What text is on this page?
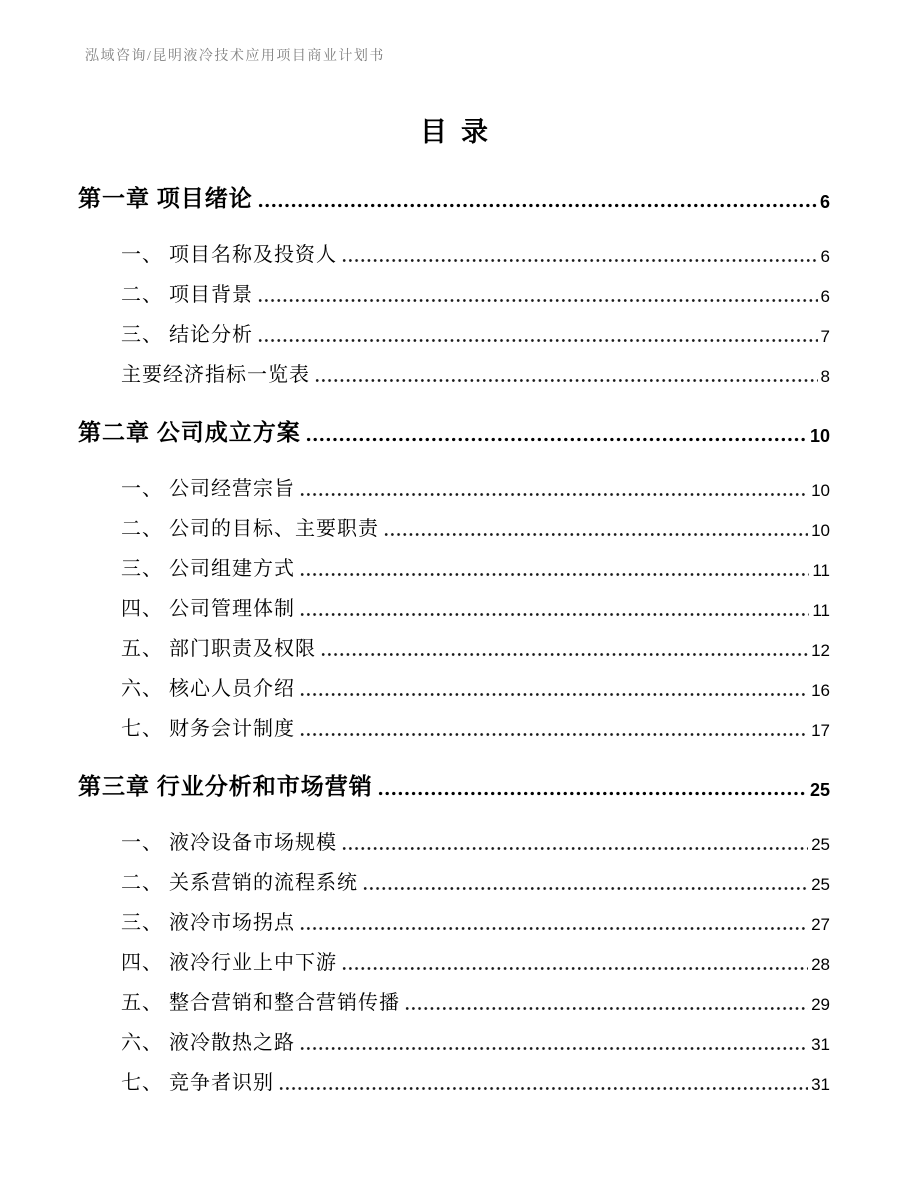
泓域咨询/昆明液冷技术应用项目商业计划书
目录
第一章 项目绪论	6
一、 项目名称及投资人	6
二、 项目背景	6
三、 结论分析	7
主要经济指标一览表	8
第二章 公司成立方案	10
一、 公司经营宗旨	10
二、 公司的目标、主要职责	10
三、 公司组建方式	11
四、 公司管理体制	11
五、 部门职责及权限	12
六、 核心人员介绍	16
七、 财务会计制度	17
第三章 行业分析和市场营销	25
一、 液冷设备市场规模	25
二、 关系营销的流程系统	25
三、 液冷市场拐点	27
四、 液冷行业上中下游	28
五、 整合营销和整合营销传播	29
六、 液冷散热之路	31
七、 竞争者识别	31
